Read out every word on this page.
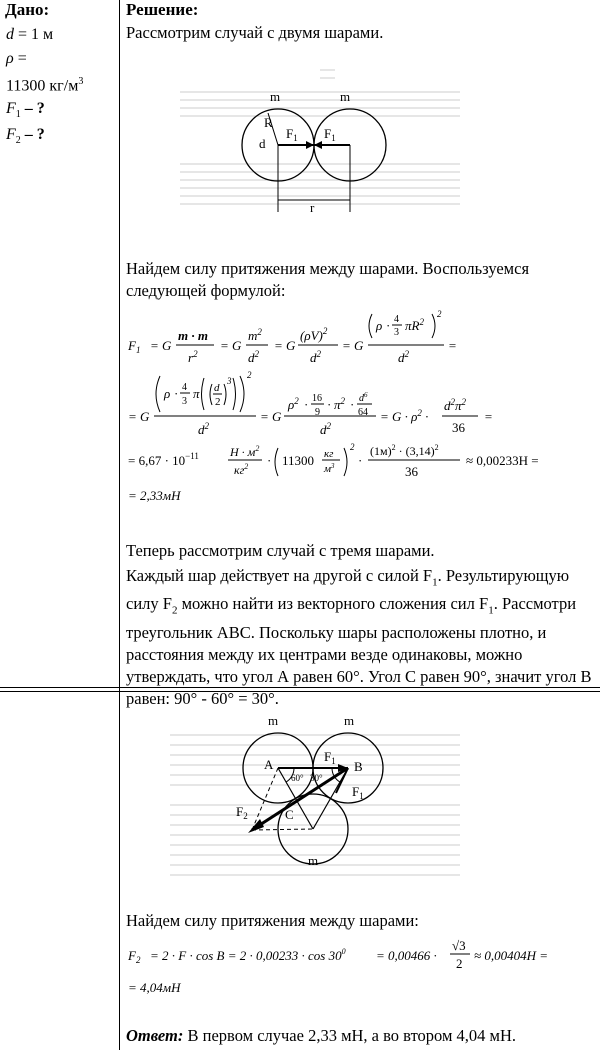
Дано:
d = 1 м
ρ =
11300 $кг/м^3$
$F_1$ – ?
$F_2$ – ?
Решение:
Рассмотрим случай с двумя шарами.
m	m
R
d
$F_1$ $F_1$
r
Найдем силу притяжения между шарами. Воспользуемся следующей формулой:
$F_1 = G$
m · m
$r^2$
= G
$m^2$
$d^2$
= G
$(\rho V)^2$
$d^2$
= G
ρ · 4
3 $\pi R^2$
2
$d^2$
=
= G
ρ · 4
3
π d
2
3
2
$d^2$
= G
$\rho^2 \cdot 16$
9
· $\pi^2 \cdot d^6$
64
$d^2$
= $G \cdot \rho^2$ ·
$d^2\pi^2$
36
=
= $6,67 \cdot 10^{-11}$	$Н \cdot м^2$
$кг^2 \cdot 11300$ кг
$м^3$
2
·
$(1м)^2 \cdot (3,14)^2$
36
≈ 0,00233Н =
= 2,33мН
Теперь рассмотрим случай с тремя шарами.
Каждый шар действует на другой с силой $F_1$. Результирующую силу $F_2$ можно найти из векторного сложения сил $F_1$. Рассмотри треугольник АВС. Поскольку шары расположены плотно, и расстояния между их центрами везде одинаковы, можно утверждать, что угол А равен 60°. Угол С равен 90°, значит угол В равен: 90° - 60° = 30°.
m	m
m
A	B
C
60° 30°
$F_1$
$F_1$
$F_2$
Найдем силу притяжения между шарами:
$F_2 = 2 \cdot F \cdot \cos B = 2 \cdot 0,00233 \cdot \cos 30^0 = 0,00466$ ·
√3
2
≈ 0,00404Н =
= 4,04мН
Ответ: В первом случае 2,33 мН, а во втором 4,04 мН.
